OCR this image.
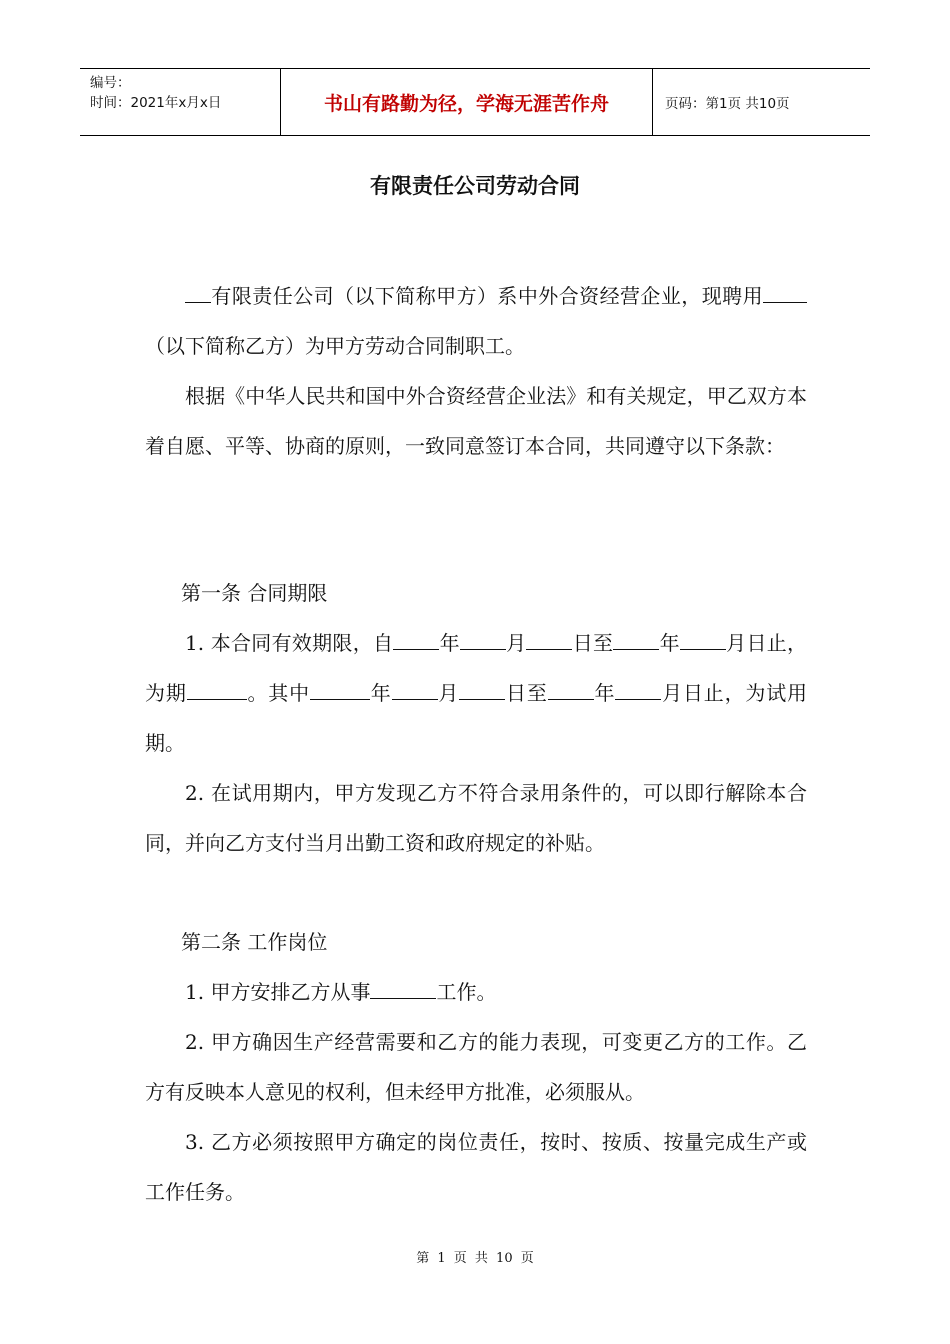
编号：
时间：2021年x月x日	书山有路勤为径，学海无涯苦作舟	页码：第1页 共10页
有限责任公司劳动合同

有限责任公司（以下简称甲方）系中外合资经营企业，现聘用（以下简称乙方）为甲方劳动合同制职工。

根据《中华人民共和国中外合资经营企业法》和有关规定，甲乙双方本着自愿、平等、协商的原则，一致同意签订本合同，共同遵守以下条款：

第一条 合同期限

1. 本合同有效期限，自 年 月 日至 年 月日止，为期	。其中	年 月 日至 年 月日止，为试用期。

2. 在试用期内，甲方发现乙方不符合录用条件的，可以即行解除本合同，并向乙方支付当月出勤工资和政府规定的补贴。

第二条 工作岗位

1. 甲方安排乙方从事	工作。

2. 甲方确因生产经营需要和乙方的能力表现，可变更乙方的工作。乙方有反映本人意见的权利，但未经甲方批准，必须服从。

3. 乙方必须按照甲方确定的岗位责任，按时、按质、按量完成生产或工作任务。

第 1 页 共 10 页
